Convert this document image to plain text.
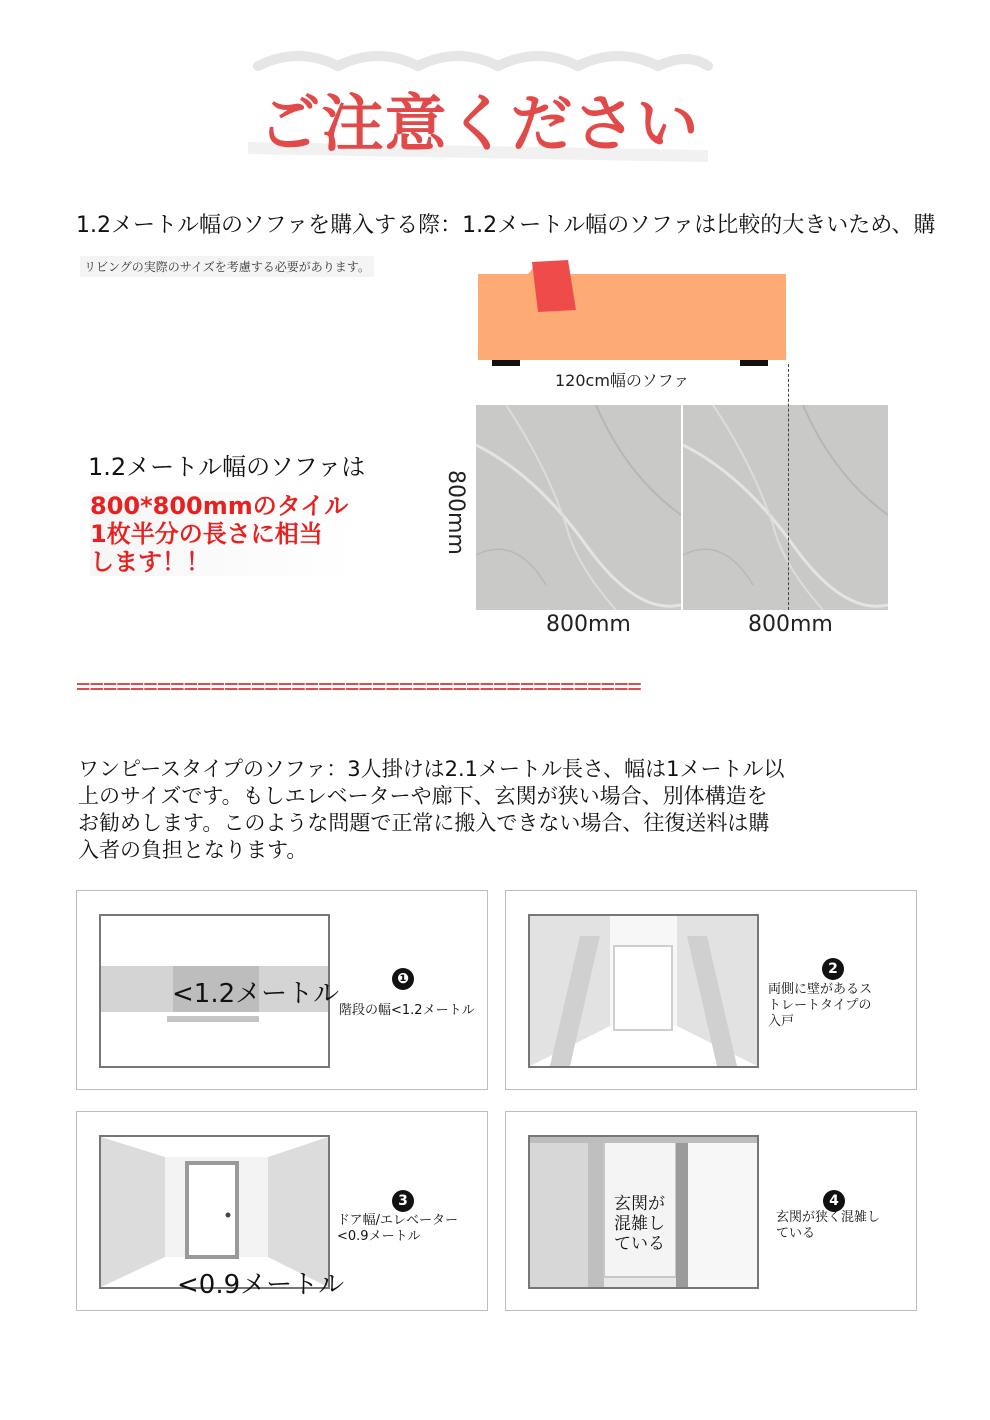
ご注意ください
1.2メートル幅のソファを購入する際：1.2メートル幅のソファは比較的大きいため、購
リビングの実際のサイズを考慮する必要があります。
120cm幅のソファ
800mm
800mm	800mm
1.2メートル幅のソファは
800*800mmのタイル
1枚半分の長さに相当
します！！
==========================================
ワンピースタイプのソファ：3人掛けは2.1メートル長さ、幅は1メートル以上のサイズです。もしエレベーターや廊下、玄関が狭い場合、別体構造をお勧めします。このような問題で正常に搬入できない場合、往復送料は購入者の負担となります。
<1.2メートル	❶
階段の幅<1.2メートル
2
両側に壁があるス
トレートタイプの
入戸
<0.9メートル
3
ドア幅/エレベーター
<0.9メートル
玄関が
混雑し
ている
4
玄関が狭く混雑し
ている
